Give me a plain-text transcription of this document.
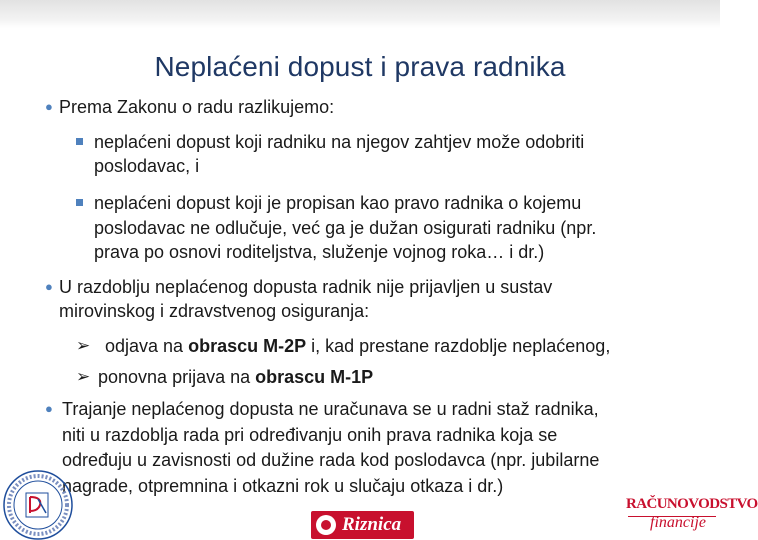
Neplaćeni dopust i prava radnika
● Prema Zakonu o radu razlikujemo:
neplaćeni dopust koji radniku na njegov zahtjev može odobriti
poslodavac, i
neplaćeni dopust koji je propisan kao pravo radnika o kojemu
poslodavac ne odlučuje, već ga je dužan osigurati radniku (npr.
prava po osnovi roditeljstva, služenje vojnog roka… i dr.)
● U razdoblju neplaćenog dopusta radnik nije prijavljen u sustav
mirovinskog i zdravstvenog osiguranja:
➢ odjava na obrascu M-2P i, kad prestane razdoblje neplaćenog,
➢ ponovna prijava na obrascu M-1P
● Trajanje neplaćenog dopusta ne uračunava se u radni staž radnika,
niti u razdoblja rada pri određivanju onih prava radnika koja se
određuju u zavisnosti od dužine rada kod poslodavca (npr. jubilarne
nagrade, otpremnina i otkazni rok u slučaju otkaza i dr.)
Riznica
RAČUNOVODSTVO
financije
